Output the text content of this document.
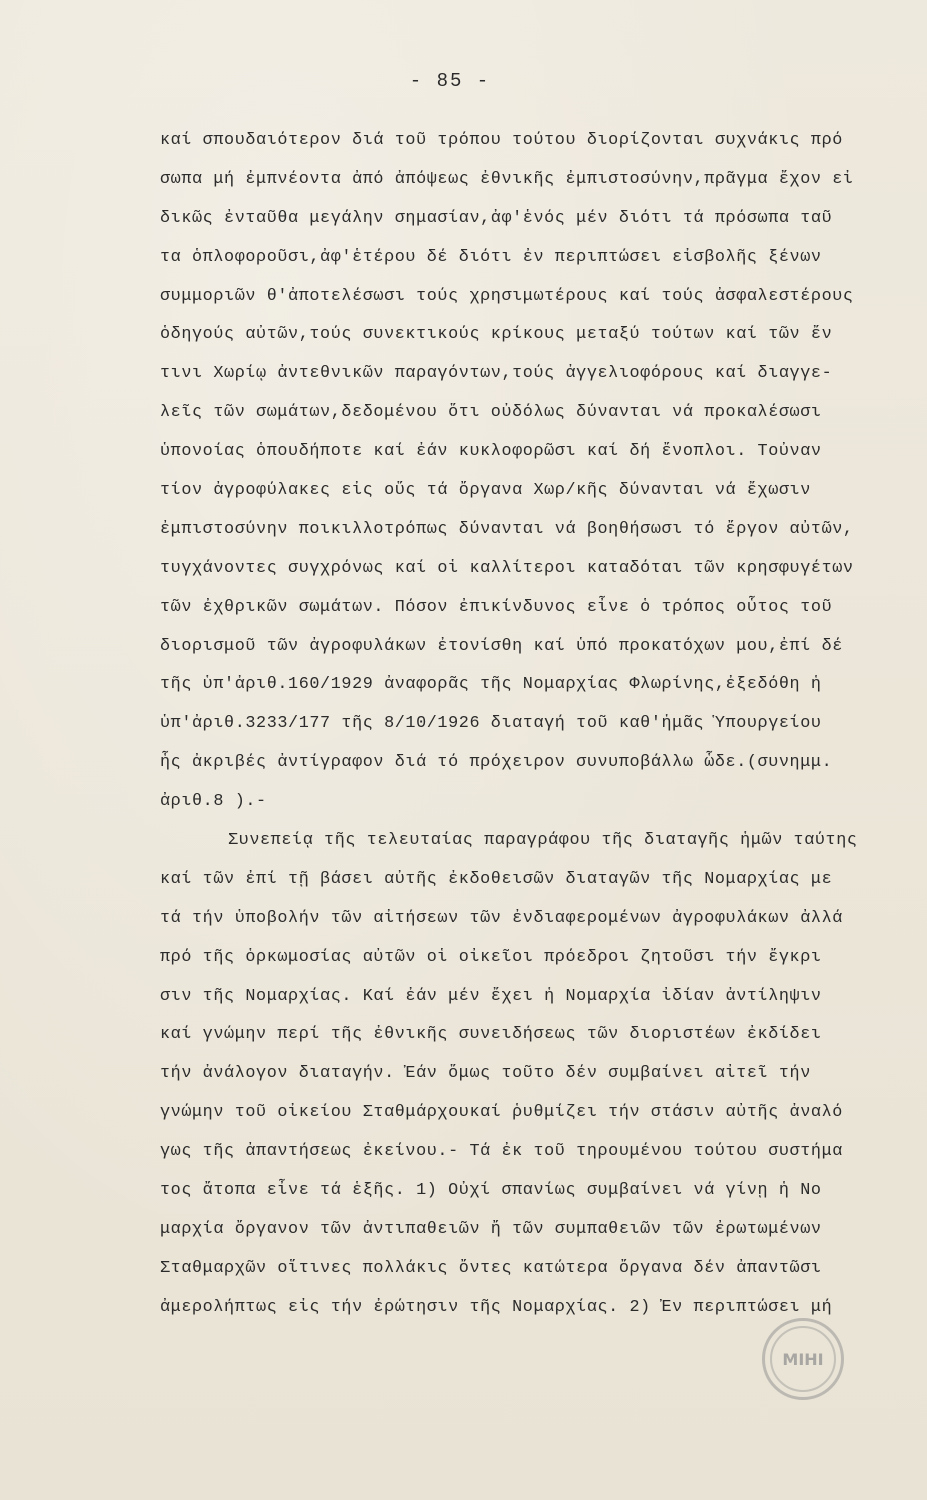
- 85 -
καί σπουδαιότερον διά τοῦ τρόπου τούτου διορίζονται συχνάκις πρό
σωπα μή ἐμπνέοντα ἀπό ἀπόψεως ἐθνικῆς ἐμπιστοσύνην,πρᾶγμα ἔχον εἰ
δικῶς ἐνταῦθα μεγάλην σημασίαν,ἀφ'ἑνός μέν διότι τά πρόσωπα ταῦ
τα ὁπλοφοροῦσι,ἀφ'ἑτέρου δέ διότι ἐν περιπτώσει εἰσβολῆς ξένων
συμμοριῶν θ'ἀποτελέσωσι τούς χρησιμωτέρους καί τούς ἀσφαλεστέρους
ὁδηγούς αὐτῶν,τούς συνεκτικούς κρίκους μεταξύ τούτων καί τῶν ἔν
τινι Χωρίῳ ἀντεθνικῶν παραγόντων,τούς ἀγγελιοφόρους καί διαγγε-
λεῖς τῶν σωμάτων,δεδομένου ὅτι οὐδόλως δύνανται νά προκαλέσωσι
ὑπονοίας ὁπουδήποτε καί ἐάν κυκλοφορῶσι καί δή ἔνοπλοι. Τοὐναν
τίον ἀγροφύλακες εἰς οὕς τά ὄργανα Χωρ/κῆς δύνανται νά ἔχωσιν
ἐμπιστοσύνην ποικιλλοτρόπως δύνανται νά βοηθήσωσι τό ἔργον αὐτῶν,
τυγχάνοντες συγχρόνως καί οἱ καλλίτεροι καταδόται τῶν κρησφυγέτων
τῶν ἐχθρικῶν σωμάτων. Πόσον ἐπικίνδυνος εἶνε ὁ τρόπος οὗτος τοῦ
διορισμοῦ τῶν ἀγροφυλάκων ἐτονίσθη καί ὑπό προκατόχων μου,ἐπί δέ
τῆς ὑπ'ἀριθ.160/1929 ἀναφορᾶς τῆς Νομαρχίας Φλωρίνης,ἐξεδόθη ἡ
ὑπ'ἀριθ.3233/177 τῆς 8/10/1926 διαταγή τοῦ καθ'ἡμᾶς Ὑπουργείου
ἧς ἀκριβές ἀντίγραφον διά τό πρόχειρον συνυποβάλλω ὧδε.(συνημμ.
ἀριθ.8 ).-
Συνεπείᾳ τῆς τελευταίας παραγράφου τῆς διαταγῆς ἡμῶν ταύτης
καί τῶν ἐπί τῇ βάσει αὐτῆς ἐκδοθεισῶν διαταγῶν τῆς Νομαρχίας με
τά τήν ὑποβολήν τῶν αἰτήσεων τῶν ἐνδιαφερομένων ἀγροφυλάκων ἀλλά
πρό τῆς ὁρκωμοσίας αὐτῶν οἱ οἰκεῖοι πρόεδροι ζητοῦσι τήν ἔγκρι
σιν τῆς Νομαρχίας. Καί ἐάν μέν ἔχει ἡ Νομαρχία ἰδίαν ἀντίληψιν
καί γνώμην περί τῆς ἐθνικῆς συνειδήσεως τῶν διοριστέων ἐκδίδει
τήν ἀνάλογον διαταγήν. Ἐάν ὅμως τοῦτο δέν συμβαίνει αἰτεῖ τήν
γνώμην τοῦ οἰκείου Σταθμάρχουκαί ῥυθμίζει τήν στάσιν αὐτῆς ἀναλό
γως τῆς ἀπαντήσεως ἐκείνου.- Τά ἐκ τοῦ τηρουμένου τούτου συστήμα
τος ἄτοπα εἶνε τά ἑξῆς. 1) Οὐχί σπανίως συμβαίνει νά γίνῃ ἡ Νο
μαρχία ὄργανον τῶν ἀντιπαθειῶν ἤ τῶν συμπαθειῶν τῶν ἐρωτωμένων
Σταθμαρχῶν οἵτινες πολλάκις ὄντες κατώτερα ὄργανα δέν ἀπαντῶσι
ἀμερολήπτως εἰς τήν ἐρώτησιν τῆς Νομαρχίας. 2) Ἐν περιπτώσει μή
ΜΙΗΙ
